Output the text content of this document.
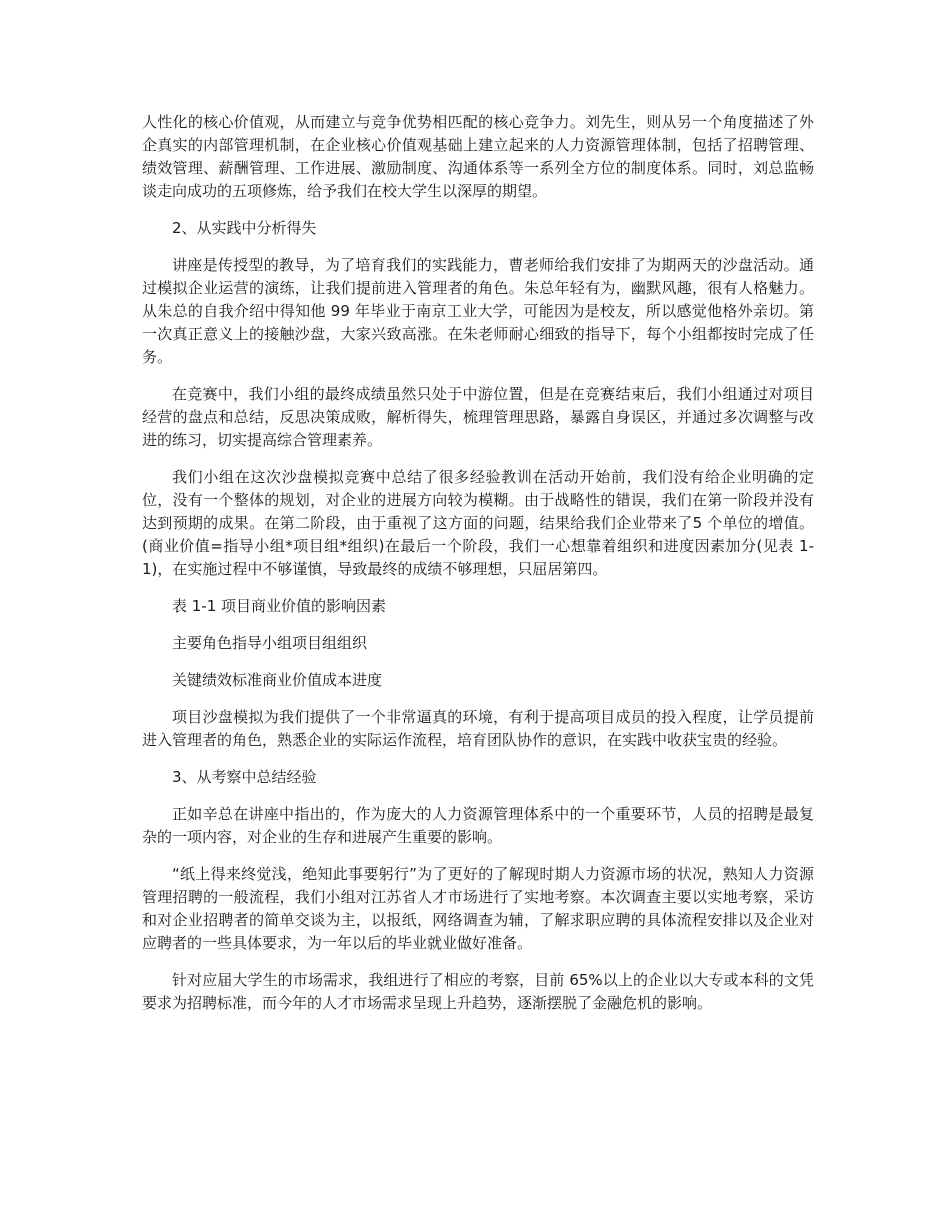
人性化的核心价值观，从而建立与竞争优势相匹配的核心竞争力。刘先生，则从另一个角度描述了外企真实的内部管理机制，在企业核心价值观基础上建立起来的人力资源管理体制，包括了招聘管理、绩效管理、薪酬管理、工作进展、激励制度、沟通体系等一系列全方位的制度体系。同时，刘总监畅谈走向成功的五项修炼，给予我们在校大学生以深厚的期望。

2、从实践中分析得失

讲座是传授型的教导，为了培育我们的实践能力，曹老师给我们安排了为期两天的沙盘活动。通过模拟企业运营的演练，让我们提前进入管理者的角色。朱总年轻有为，幽默风趣，很有人格魅力。从朱总的自我介绍中得知他 99 年毕业于南京工业大学，可能因为是校友，所以感觉他格外亲切。第一次真正意义上的接触沙盘，大家兴致高涨。在朱老师耐心细致的指导下，每个小组都按时完成了任务。

在竞赛中，我们小组的最终成绩虽然只处于中游位置，但是在竞赛结束后，我们小组通过对项目经营的盘点和总结，反思决策成败，解析得失，梳理管理思路，暴露自身误区，并通过多次调整与改进的练习，切实提高综合管理素养。

我们小组在这次沙盘模拟竞赛中总结了很多经验教训在活动开始前，我们没有给企业明确的定位，没有一个整体的规划，对企业的进展方向较为模糊。由于战略性的错误，我们在第一阶段并没有达到预期的成果。在第二阶段，由于重视了这方面的问题，结果给我们企业带来了5 个单位的增值。(商业价值=指导小组*项目组*组织)在最后一个阶段，我们一心想靠着组织和进度因素加分(见表 1-1)，在实施过程中不够谨慎，导致最终的成绩不够理想，只屈居第四。

表 1-1 项目商业价值的影响因素

主要角色指导小组项目组组织

关键绩效标准商业价值成本进度

项目沙盘模拟为我们提供了一个非常逼真的环境，有利于提高项目成员的投入程度，让学员提前进入管理者的角色，熟悉企业的实际运作流程，培育团队协作的意识，在实践中收获宝贵的经验。

3、从考察中总结经验

正如辛总在讲座中指出的，作为庞大的人力资源管理体系中的一个重要环节，人员的招聘是最复杂的一项内容，对企业的生存和进展产生重要的影响。

“纸上得来终觉浅，绝知此事要躬行”为了更好的了解现时期人力资源市场的状况，熟知人力资源管理招聘的一般流程，我们小组对江苏省人才市场进行了实地考察。本次调查主要以实地考察，采访和对企业招聘者的简单交谈为主，以报纸，网络调查为辅，了解求职应聘的具体流程安排以及企业对应聘者的一些具体要求，为一年以后的毕业就业做好准备。

针对应届大学生的市场需求，我组进行了相应的考察，目前 65%以上的企业以大专或本科的文凭要求为招聘标准，而今年的人才市场需求呈现上升趋势，逐渐摆脱了金融危机的影响。
